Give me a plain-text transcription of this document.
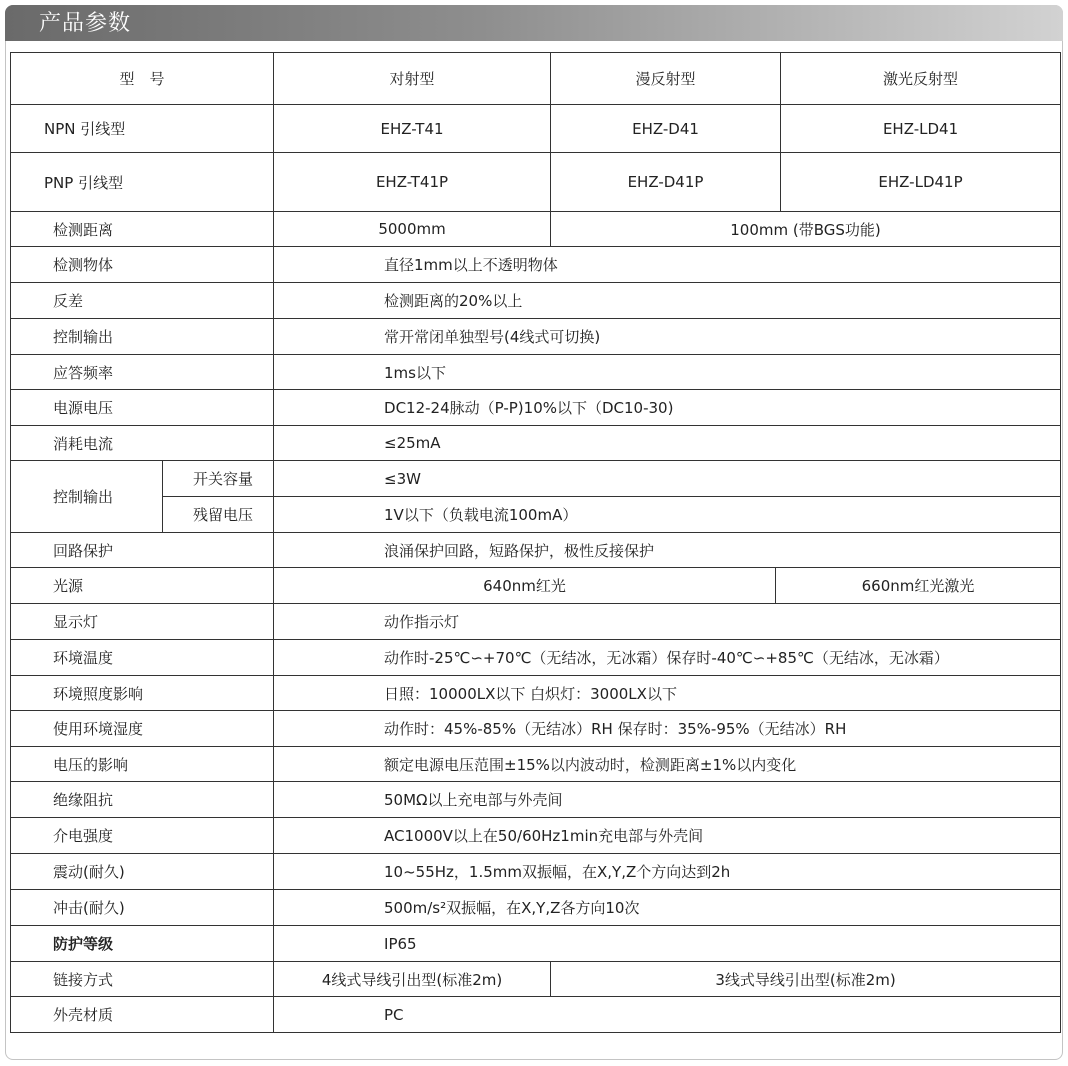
产品参数
型　号		对射型	漫反射型		激光反射型
NPN 引线型		EHZ-T41	EHZ-D41		EHZ-LD41
PNP 引线型		EHZ-T41P	EHZ-D41P		EHZ-LD41P
检测距离		5000mm	100mm (带BGS功能)		
检测物体		直径1mm以上不透明物体			
反差		检测距离的20%以上			
控制输出		常开常闭单独型号(4线式可切换)			
应答频率		1ms以下			
电源电压		DC12-24脉动（P-P)10%以下（DC10-30)			
消耗电流		≤25mA			
控制输出	开关容量	≤3W			
	残留电压	1V以下（负载电流100mA）			
回路保护		浪涌保护回路，短路保护，极性反接保护			
光源		640nm红光		660nm红光激光	
显示灯		动作指示灯			
环境温度		动作时-25℃∽+70℃（无结冰，无冰霜）保存时-40℃∽+85℃（无结冰，无冰霜）			
环境照度影响		日照：10000LX以下 白炽灯：3000LX以下			
使用环境湿度		动作时：45%-85%（无结冰）RH 保存时：35%-95%（无结冰）RH			
电压的影响		额定电源电压范围±15%以内波动时，检测距离±1%以内变化			
绝缘阻抗		50MΩ以上充电部与外壳间			
介电强度		AC1000V以上在50/60Hz1min充电部与外壳间			
震动(耐久)		10~55Hz，1.5mm双振幅，在X,Y,Z个方向达到2h			
冲击(耐久)		500m/s²双振幅，在X,Y,Z各方向10次			
防护等级		IP65			
链接方式		4线式导线引出型(标准2m)	3线式导线引出型(标准2m)		
外壳材质		PC			
